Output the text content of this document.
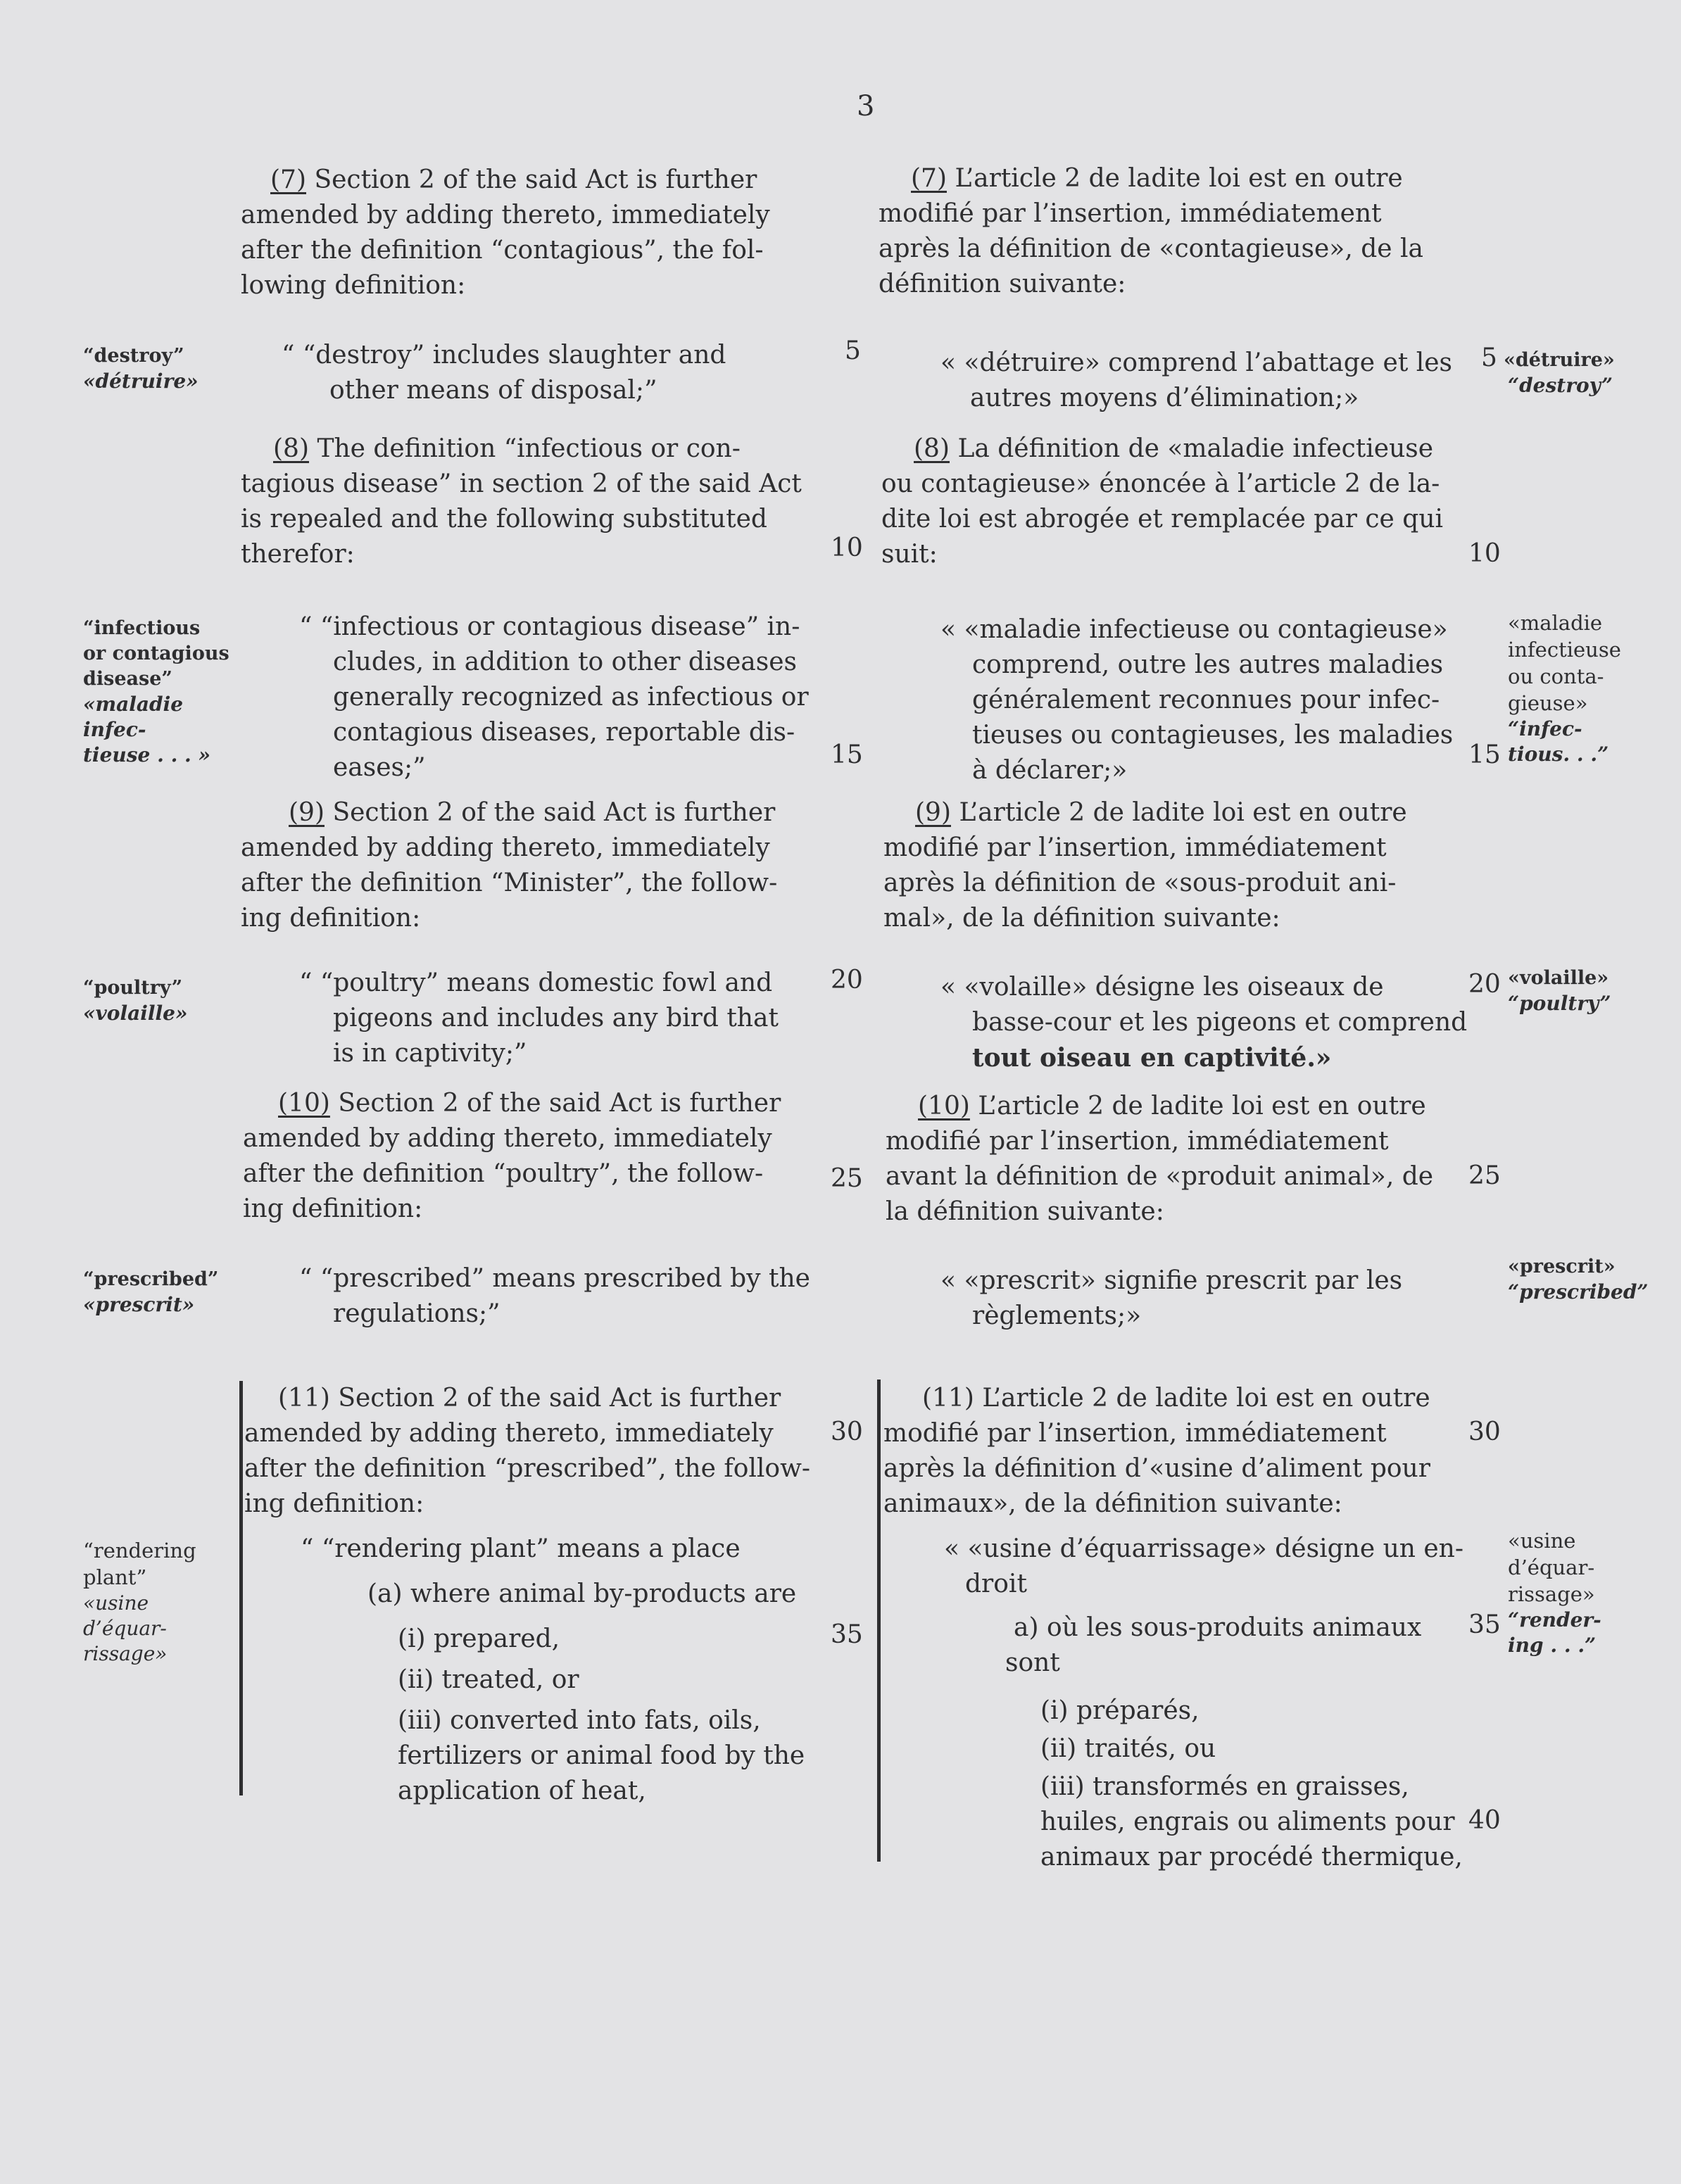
3
(7) Section 2 of the said Act is further
amended by adding thereto, immediately
after the definition “contagious”, the fol-
lowing definition:
“ “destroy” includes slaughter and
other means of disposal;”
(8) The definition “infectious or con-
tagious disease” in section 2 of the said Act
is repealed and the following substituted
therefor:
“ “infectious or contagious disease” in-
cludes, in addition to other diseases
generally recognized as infectious or
contagious diseases, reportable dis-
eases;”
(9) Section 2 of the said Act is further
amended by adding thereto, immediately
after the definition “Minister”, the follow-
ing definition:
“ “poultry” means domestic fowl and
pigeons and includes any bird that
is in captivity;”
(10) Section 2 of the said Act is further
amended by adding thereto, immediately
after the definition “poultry”, the follow-
ing definition:
“ “prescribed” means prescribed by the
regulations;”
(11) Section 2 of the said Act is further
amended by adding thereto, immediately
after the definition “prescribed”, the follow-
ing definition:
“ “rendering plant” means a place
(a) where animal by-products are
(i) prepared,
(ii) treated, or
(iii) converted into fats, oils,
fertilizers or animal food by the
application of heat,
5
10
15
20
25
30
35
“destroy”
«détruire»
“infectious
or contagious
disease”
«maladie
infec-
tieuse . . . »
“poultry”
«volaille»
“prescribed”
«prescrit»
“rendering
plant”
«usine
d’équar-
rissage»
(7) L’article 2 de ladite loi est en outre
modifié par l’insertion, immédiatement
après la définition de «contagieuse», de la
définition suivante:
« «détruire» comprend l’abattage et les
autres moyens d’élimination;»
(8) La définition de «maladie infectieuse
ou contagieuse» énoncée à l’article 2 de la-
dite loi est abrogée et remplacée par ce qui
suit:
« «maladie infectieuse ou contagieuse»
comprend, outre les autres maladies
généralement reconnues pour infec-
tieuses ou contagieuses, les maladies
à déclarer;»
(9) L’article 2 de ladite loi est en outre
modifié par l’insertion, immédiatement
après la définition de «sous-produit ani-
mal», de la définition suivante:
« «volaille» désigne les oiseaux de
basse-cour et les pigeons et comprend
tout oiseau en captivité.»
(10) L’article 2 de ladite loi est en outre
modifié par l’insertion, immédiatement
avant la définition de «produit animal», de
la définition suivante:
« «prescrit» signifie prescrit par les
règlements;»
(11) L’article 2 de ladite loi est en outre
modifié par l’insertion, immédiatement
après la définition d’«usine d’aliment pour
animaux», de la définition suivante:
« «usine d’équarrissage» désigne un en-
droit
a) où les sous-produits animaux
sont
(i) préparés,
(ii) traités, ou
(iii) transformés en graisses,
huiles, engrais ou aliments pour
animaux par procédé thermique,
5
10
15
20
25
30
35
40
«détruire»
“destroy”
«maladie
infectieuse
ou conta-
gieuse»
“infec-
tious. . .”
«volaille»
“poultry”
«prescrit»
“prescribed”
«usine
d’équar-
rissage»
“render-
ing . . .”
